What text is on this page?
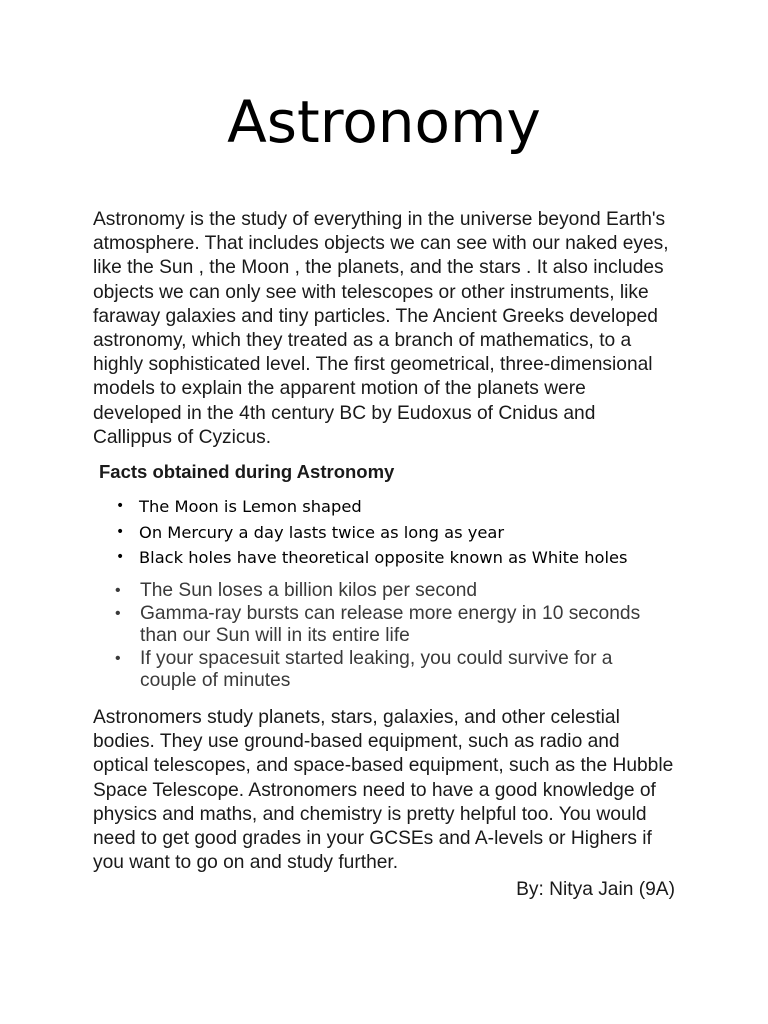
Astronomy

Astronomy is the study of everything in the universe beyond Earth's atmosphere. That includes objects we can see with our naked eyes, like the Sun , the Moon , the planets, and the stars . It also includes objects we can only see with telescopes or other instruments, like faraway galaxies and tiny particles. The Ancient Greeks developed astronomy, which they treated as a branch of mathematics, to a highly sophisticated level. The first geometrical, three-dimensional models to explain the apparent motion of the planets were developed in the 4th century BC by Eudoxus of Cnidus and Callippus of Cyzicus.

Facts obtained during Astronomy

• The Moon is Lemon shaped
• On Mercury a day lasts twice as long as year
• Black holes have theoretical opposite known as White holes
• The Sun loses a billion kilos per second
• Gamma-ray bursts can release more energy in 10 seconds than our Sun will in its entire life
• If your spacesuit started leaking, you could survive for a couple of minutes

Astronomers study planets, stars, galaxies, and other celestial bodies. They use ground-based equipment, such as radio and optical telescopes, and space-based equipment, such as the Hubble Space Telescope. Astronomers need to have a good knowledge of physics and maths, and chemistry is pretty helpful too. You would need to get good grades in your GCSEs and A-levels or Highers if you want to go on and study further.

By: Nitya Jain (9A)
